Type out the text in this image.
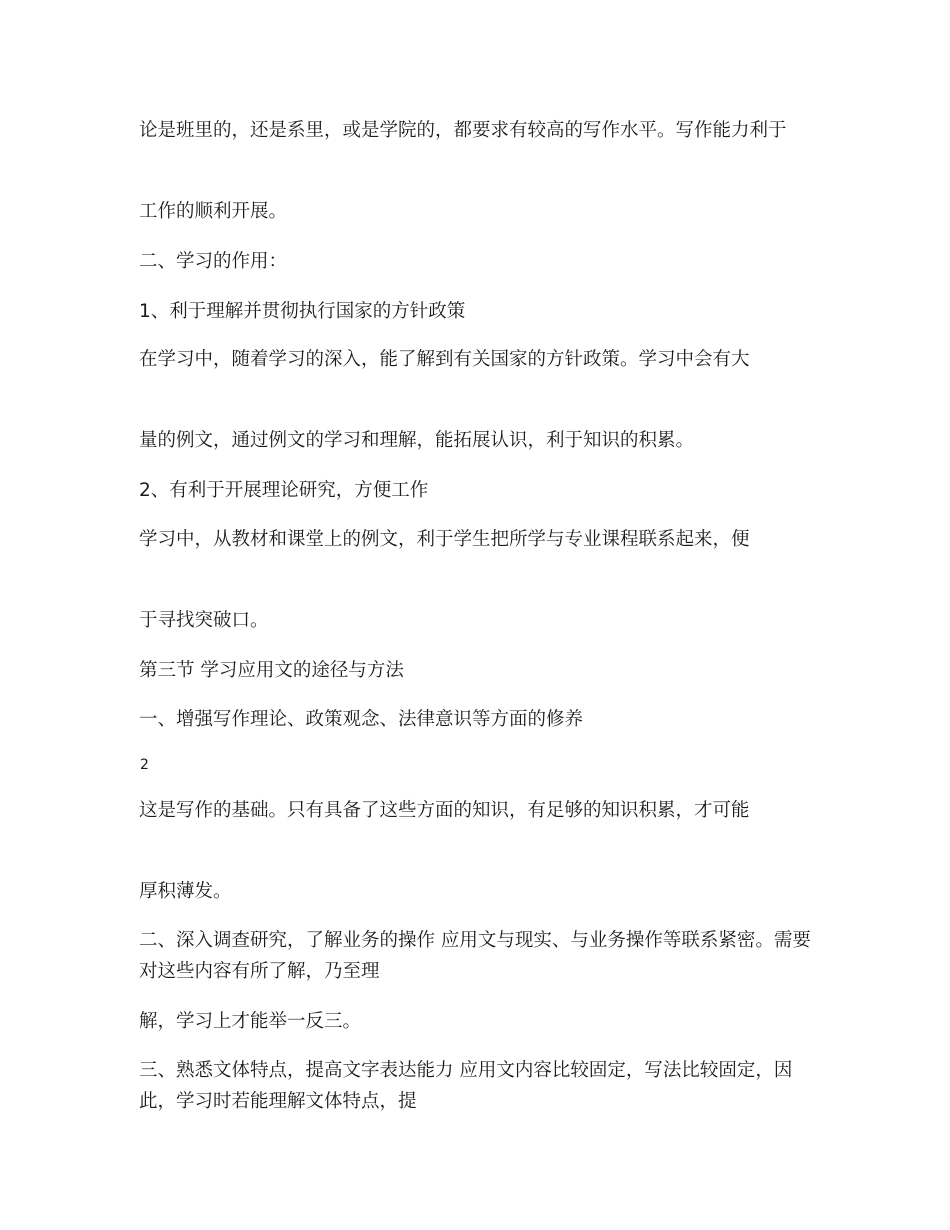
论是班里的，还是系里，或是学院的，都要求有较高的写作水平。写作能力利于

工作的顺利开展。

二、学习的作用：

1、利于理解并贯彻执行国家的方针政策

在学习中，随着学习的深入，能了解到有关国家的方针政策。学习中会有大

量的例文，通过例文的学习和理解，能拓展认识，利于知识的积累。

2、有利于开展理论研究，方便工作

学习中，从教材和课堂上的例文，利于学生把所学与专业课程联系起来，便

于寻找突破口。

第三节 学习应用文的途径与方法

一、增强写作理论、政策观念、法律意识等方面的修养

2

这是写作的基础。只有具备了这些方面的知识，有足够的知识积累，才可能

厚积薄发。

二、深入调查研究，了解业务的操作 应用文与现实、与业务操作等联系紧密。需要对这些内容有所了解，乃至理

解，学习上才能举一反三。

三、熟悉文体特点，提高文字表达能力 应用文内容比较固定，写法比较固定，因此，学习时若能理解文体特点，提
